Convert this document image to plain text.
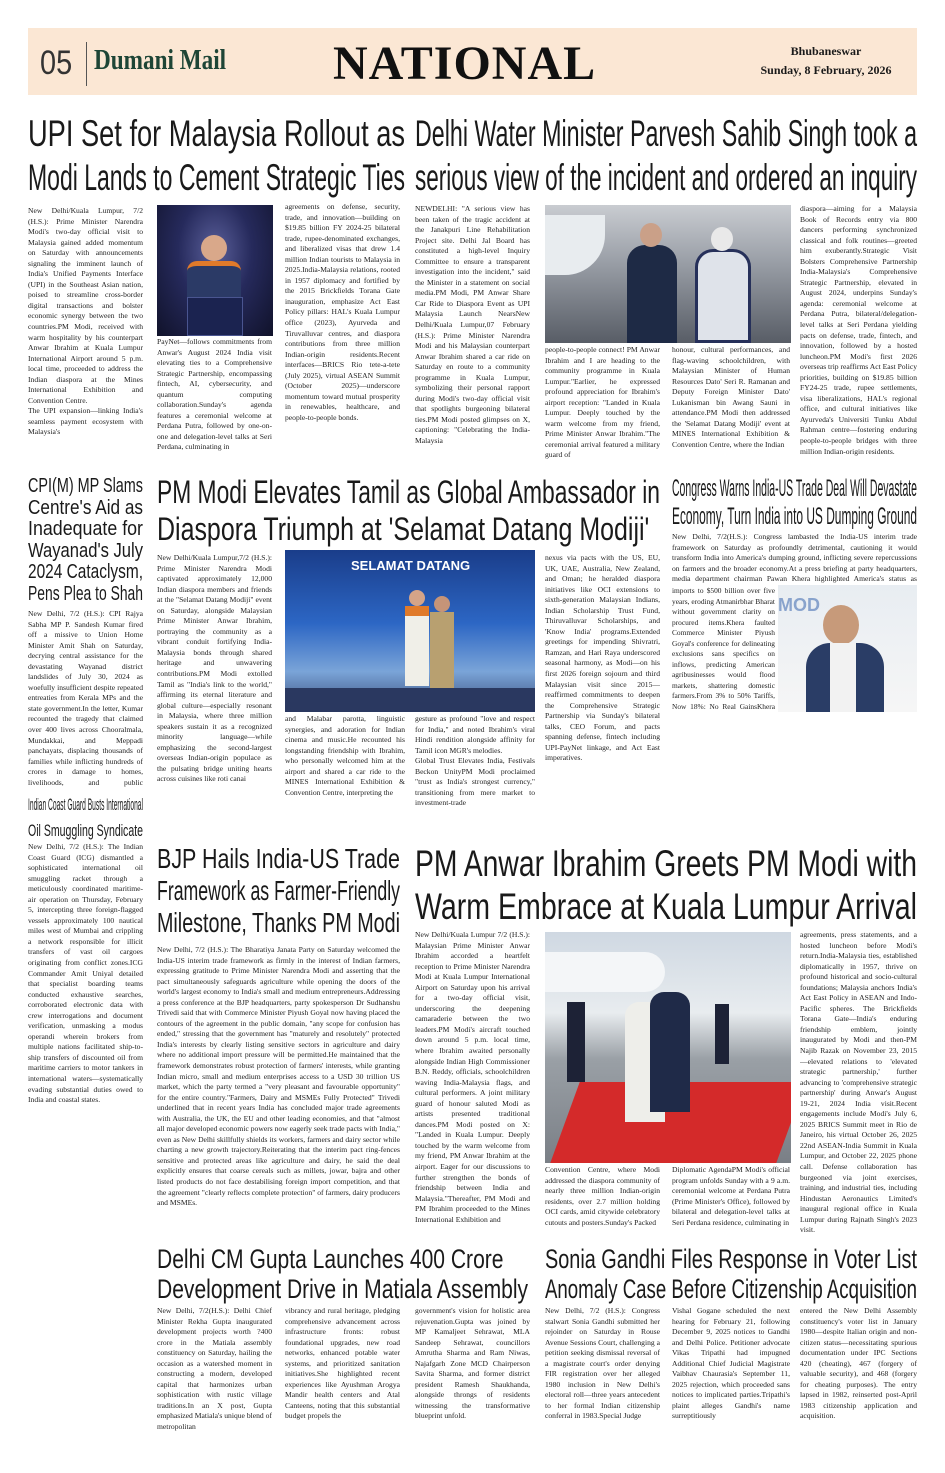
05 Dumani Mail NATIONAL	Bhubaneswar
Sunday, 8 February, 2026
UPI Set for Malaysia Rollout as
Modi Lands to Cement Strategic Ties
New Delhi/Kuala Lumpur, 7/2 (H.S.): Prime Minister Narendra Modi's two-day official visit to Malaysia gained added momentum on Saturday with announcements signaling the imminent launch of India's Unified Payments Interface (UPI) in the Southeast Asian nation, poised to streamline cross-border digital transactions and bolster economic synergy between the two countries.PM Modi, received with warm hospitality by his counterpart Anwar Ibrahim at Kuala Lumpur International Airport around 5 p.m. local time, proceeded to address the Indian diaspora at the Mines International Exhibition and Convention Centre.
The UPI expansion—linking India's seamless payment ecosystem with Malaysia's
PayNet—follows commitments from Anwar's August 2024 India visit elevating ties to a Comprehensive Strategic Partnership, encompassing fintech, AI, cybersecurity, and quantum computing collaboration.Sunday's agenda features a ceremonial welcome at Perdana Putra, followed by one-on-one and delegation-level talks at Seri Perdana, culminating in
agreements on defense, security, trade, and innovation—building on $19.85 billion FY 2024-25 bilateral trade, rupee-denominated exchanges, and liberalized visas that drew 1.4 million Indian tourists to Malaysia in 2025.India-Malaysia relations, rooted in 1957 diplomacy and fortified by the 2015 Brickfields Torana Gate inauguration, emphasize Act East Policy pillars: HAL's Kuala Lumpur office (2023), Ayurveda and Tiruvalluvar centres, and diaspora contributions from three million Indian-origin residents.Recent interfaces—BRICS Rio tete-a-tete (July 2025), virtual ASEAN Summit (October 2025)—underscore momentum toward mutual prosperity in renewables, healthcare, and people-to-people bonds.
Delhi Water Minister Parvesh Sahib Singh took a
serious view of the incident and ordered an inquiry
NEWDELHI: "A serious view has been taken of the tragic accident at the Janakpuri Line Rehabilitation Project site. Delhi Jal Board has constituted a high-level Inquiry Committee to ensure a transparent investigation into the incident," said the Minister in a statement on social media.PM Modi, PM Anwar Share Car Ride to Diaspora Event as UPI Malaysia Launch NearsNew Delhi/Kuala Lumpur,07 February (H.S.): Prime Minister Narendra Modi and his Malaysian counterpart Anwar Ibrahim shared a car ride on Saturday en route to a community programme in Kuala Lumpur, symbolizing their personal rapport during Modi's two-day official visit that spotlights burgeoning bilateral ties.PM Modi posted glimpses on X, captioning: "Celebrating the India-Malaysia
people-to-people connect! PM Anwar Ibrahim and I are heading to the community programme in Kuala Lumpur."Earlier, he expressed profound appreciation for Ibrahim's airport reception: "Landed in Kuala Lumpur. Deeply touched by the warm welcome from my friend, Prime Minister Anwar Ibrahim."The ceremonial arrival featured a military guard of
honour, cultural performances, and flag-waving schoolchildren, with Malaysian Minister of Human Resources Dato' Seri R. Ramanan and Deputy Foreign Minister Dato' Lukanisman bin Awang Sauni in attendance.PM Modi then addressed the 'Selamat Datang Modiji' event at MINES International Exhibition & Convention Centre, where the Indian
diaspora—aiming for a Malaysia Book of Records entry via 800 dancers performing synchronized classical and folk routines—greeted him exuberantly.Strategic Visit Bolsters Comprehensive Partnership India-Malaysia's Comprehensive Strategic Partnership, elevated in August 2024, underpins Sunday's agenda: ceremonial welcome at Perdana Putra, bilateral/delegation-level talks at Seri Perdana yielding pacts on defense, trade, fintech, and innovation, followed by a hosted luncheon.PM Modi's first 2026 overseas trip reaffirms Act East Policy priorities, building on $19.85 billion FY24-25 trade, rupee settlements, visa liberalizations, HAL's regional office, and cultural initiatives like Ayurveda's Universiti Tunku Abdul Rahman centre—fostering enduring people-to-people bridges with three million Indian-origin residents.
CPI(M) MP Slams
Centre's Aid as
Inadequate for
Wayanad's July
2024 Cataclysm,
Pens Plea to Shah
New Delhi, 7/2 (H.S.): CPI Rajya Sabha MP P. Sandesh Kumar fired off a missive to Union Home Minister Amit Shah on Saturday, decrying central assistance for the devastating Wayanad district landslides of July 30, 2024 as woefully insufficient despite repeated entreaties from Kerala MPs and the state government.In the letter, Kumar recounted the tragedy that claimed over 400 lives across Chooralmala, Mundakkai, and Meppadi panchayats, displacing thousands of families while inflicting hundreds of crores in damage to homes, livelihoods, and public
Indian Coast Guard Busts International
Oil Smuggling Syndicate
New Delhi, 7/2 (H.S.): The Indian Coast Guard (ICG) dismantled a sophisticated international oil smuggling racket through a meticulously coordinated maritime-air operation on Thursday, February 5, intercepting three foreign-flagged vessels approximately 100 nautical miles west of Mumbai and crippling a network responsible for illicit transfers of vast oil cargoes originating from conflict zones.ICG Commander Amit Uniyal detailed that specialist boarding teams conducted exhaustive searches, corroborated electronic data with crew interrogations and document verification, unmasking a modus operandi wherein brokers from multiple nations facilitated ship-to-ship transfers of discounted oil from maritime carriers to motor tankers in international waters—systematically evading substantial duties owed to India and coastal states.
PM Modi Elevates Tamil as Global Ambassador in
Diaspora Triumph at 'Selamat Datang Modiji'
New Delhi/Kuala Lumpur,7/2 (H.S.): Prime Minister Narendra Modi captivated approximately 12,000 Indian diaspora members and friends at the "Selamat Datang Modiji" event on Saturday, alongside Malaysian Prime Minister Anwar Ibrahim, portraying the community as a vibrant conduit fortifying India-Malaysia bonds through shared heritage and unwavering contributions.PM Modi extolled Tamil as "India's link to the world," affirming its eternal literature and global culture—especially resonant in Malaysia, where three million speakers sustain it as a recognized minority language—while emphasizing the second-largest overseas Indian-origin populace as the pulsating bridge uniting hearts across cuisines like roti canai
SELAMAT DATANG
and Malabar parotta, linguistic synergies, and adoration for Indian cinema and music.He recounted his longstanding friendship with Ibrahim, who personally welcomed him at the airport and shared a car ride to the MINES International Exhibition & Convention Centre, interpreting the
gesture as profound "love and respect for India," and noted Ibrahim's viral Hindi rendition alongside affinity for Tamil icon MGR's melodies.
Global Trust Elevates India, Festivals Beckon UnityPM Modi proclaimed "trust as India's strongest currency," transitioning from mere market to investment-trade
nexus via pacts with the US, EU, UK, UAE, Australia, New Zealand, and Oman; he heralded diaspora initiatives like OCI extensions to sixth-generation Malaysian Indians, Indian Scholarship Trust Fund, Thiruvalluvar Scholarships, and 'Know India' programs.Extended greetings for impending Shivratri, Ramzan, and Hari Raya underscored seasonal harmony, as Modi—on his first 2026 foreign sojourn and third Malaysian visit since 2015—reaffirmed commitments to deepen the Comprehensive Strategic Partnership via Sunday's bilateral talks, CEO Forum, and pacts spanning defense, fintech including UPI-PayNet linkage, and Act East imperatives.
Congress Warns India-US Trade Deal Will Devastate
Economy, Turn India into US Dumping Ground
New Delhi, 7/2(H.S.): Congress lambasted the India-US interim trade framework on Saturday as profoundly detrimental, cautioning it would transform India into America's dumping ground, inflicting severe repercussions on farmers and the broader economy.At a press briefing at party headquarters, media department chairman Pawan Khera highlighted America's status as
imports to $500 billion over five years, eroding Atmanirbhar Bharat without government clarity on procured items.Khera faulted Commerce Minister Piyush Goyal's conference for delineating exclusions sans specifics on inflows, predicting American agribusinesses would flood markets, shattering domestic farmers.From 3% to 50% Tariffs, Now 18%: No Real GainsKhera
MOD
BJP Hails India-US Trade
Framework as Farmer-Friendly
Milestone, Thanks PM Modi
New Delhi, 7/2 (H.S.): The Bharatiya Janata Party on Saturday welcomed the India-US interim trade framework as firmly in the interest of Indian farmers, expressing gratitude to Prime Minister Narendra Modi and asserting that the pact simultaneously safeguards agriculture while opening the doors of the world's largest economy to India's small and medium entrepreneurs.Addressing a press conference at the BJP headquarters, party spokesperson Dr Sudhanshu Trivedi said that with Commerce Minister Piyush Goyal now having placed the contours of the agreement in the public domain, "any scope for confusion has ended," stressing that the government has "maturely and resolutely" protected India's interests by clearly listing sensitive sectors in agriculture and dairy where no additional import pressure will be permitted.He maintained that the framework demonstrates robust protection of farmers' interests, while granting Indian micro, small and medium enterprises access to a USD 30 trillion US market, which the party termed a "very pleasant and favourable opportunity" for the entire country."Farmers, Dairy and MSMEs Fully Protected" Trivedi underlined that in recent years India has concluded major trade agreements with Australia, the UK, the EU and other leading economies, and that "almost all major developed economic powers now eagerly seek trade pacts with India," even as New Delhi skillfully shields its workers, farmers and dairy sector while charting a new growth trajectory.Reiterating that the interim pact ring-fences sensitive and protected areas like agriculture and dairy, he said the deal explicitly ensures that coarse cereals such as millets, jowar, bajra and other listed products do not face destabilising foreign import competition, and that the agreement "clearly reflects complete protection" of farmers, dairy producers and MSMEs.
PM Anwar Ibrahim Greets PM Modi with
Warm Embrace at Kuala Lumpur Arrival
New Delhi/Kuala Lumpur 7/2 (H.S.): Malaysian Prime Minister Anwar Ibrahim accorded a heartfelt reception to Prime Minister Narendra Modi at Kuala Lumpur International Airport on Saturday upon his arrival for a two-day official visit, underscoring the deepening camaraderie between the two leaders.PM Modi's aircraft touched down around 5 p.m. local time, where Ibrahim awaited personally alongside Indian High Commissioner B.N. Reddy, officials, schoolchildren waving India-Malaysia flags, and cultural performers. A joint military guard of honour saluted Modi as artists presented traditional dances.PM Modi posted on X: "Landed in Kuala Lumpur. Deeply touched by the warm welcome from my friend, PM Anwar Ibrahim at the airport. Eager for our discussions to further strengthen the bonds of friendship between India and Malaysia."Thereafter, PM Modi and PM Ibrahim proceeded to the Mines International Exhibition and
Convention Centre, where Modi addressed the diaspora community of nearly three million Indian-origin residents, over 2.7 million holding OCI cards, amid citywide celebratory cutouts and posters.Sunday's Packed
Diplomatic AgendaPM Modi's official program unfolds Sunday with a 9 a.m. ceremonial welcome at Perdana Putra (Prime Minister's Office), followed by bilateral and delegation-level talks at Seri Perdana residence, culminating in
agreements, press statements, and a hosted luncheon before Modi's return.India-Malaysia ties, established diplomatically in 1957, thrive on profound historical and socio-cultural foundations; Malaysia anchors India's Act East Policy in ASEAN and Indo-Pacific spheres. The Brickfields Torana Gate—India's enduring friendship emblem, jointly inaugurated by Modi and then-PM Najib Razak on November 23, 2015—elevated relations to 'elevated strategic partnership,' further advancing to 'comprehensive strategic partnership' during Anwar's August 19-21, 2024 India visit.Recent engagements include Modi's July 6, 2025 BRICS Summit meet in Rio de Janeiro, his virtual October 26, 2025 22nd ASEAN-India Summit in Kuala Lumpur, and October 22, 2025 phone call. Defense collaboration has burgeoned via joint exercises, training, and industrial ties, including Hindustan Aeronautics Limited's inaugural regional office in Kuala Lumpur during Rajnath Singh's 2023 visit.
Delhi CM Gupta Launches 400 Crore
Development Drive in Matiala Assembly
New Delhi, 7/2(H.S.): Delhi Chief Minister Rekha Gupta inaugurated development projects worth ?400 crore in the Matiala assembly constituency on Saturday, hailing the occasion as a watershed moment in constructing a modern, developed capital that harmonizes urban sophistication with rustic village traditions.In an X post, Gupta emphasized Matiala's unique blend of metropolitan
vibrancy and rural heritage, pledging comprehensive advancement across infrastructure fronts: robust foundational upgrades, new road networks, enhanced potable water systems, and prioritized sanitation initiatives.She highlighted recent experiences like Ayushman Arogya Mandir health centers and Atal Canteens, noting that this substantial budget propels the
government's vision for holistic area rejuvenation.Gupta was joined by MP Kamaljeet Sehrawat, MLA Sandeep Sehrawat, councillors Amrutha Sharma and Ram Niwas, Najafgarh Zone MCD Chairperson Savita Sharma, and former district president Ramesh Shaukhanda, alongside throngs of residents witnessing the transformative blueprint unfold.
Sonia Gandhi Files Response in Voter List
Anomaly Case Before Citizenship Acquisition
New Delhi, 7/2 (H.S.): Congress stalwart Sonia Gandhi submitted her rejoinder on Saturday in Rouse Avenue Sessions Court, challenging a petition seeking dismissal reversal of a magistrate court's order denying FIR registration over her alleged 1980 inclusion in New Delhi's electoral roll—three years antecedent to her formal Indian citizenship conferral in 1983.Special Judge
Vishal Gogane scheduled the next hearing for February 21, following December 9, 2025 notices to Gandhi and Delhi Police. Petitioner advocate Vikas Tripathi had impugned Additional Chief Judicial Magistrate Vaibhav Chaurasia's September 11, 2025 rejection, which proceeded sans notices to implicated parties.Tripathi's plaint alleges Gandhi's name surreptitiously
entered the New Delhi Assembly constituency's voter list in January 1980—despite Italian origin and non-citizen status—necessitating spurious documentation under IPC Sections 420 (cheating), 467 (forgery of valuable security), and 468 (forgery for cheating purposes). The entry lapsed in 1982, reinserted post-April 1983 citizenship application and acquisition.
